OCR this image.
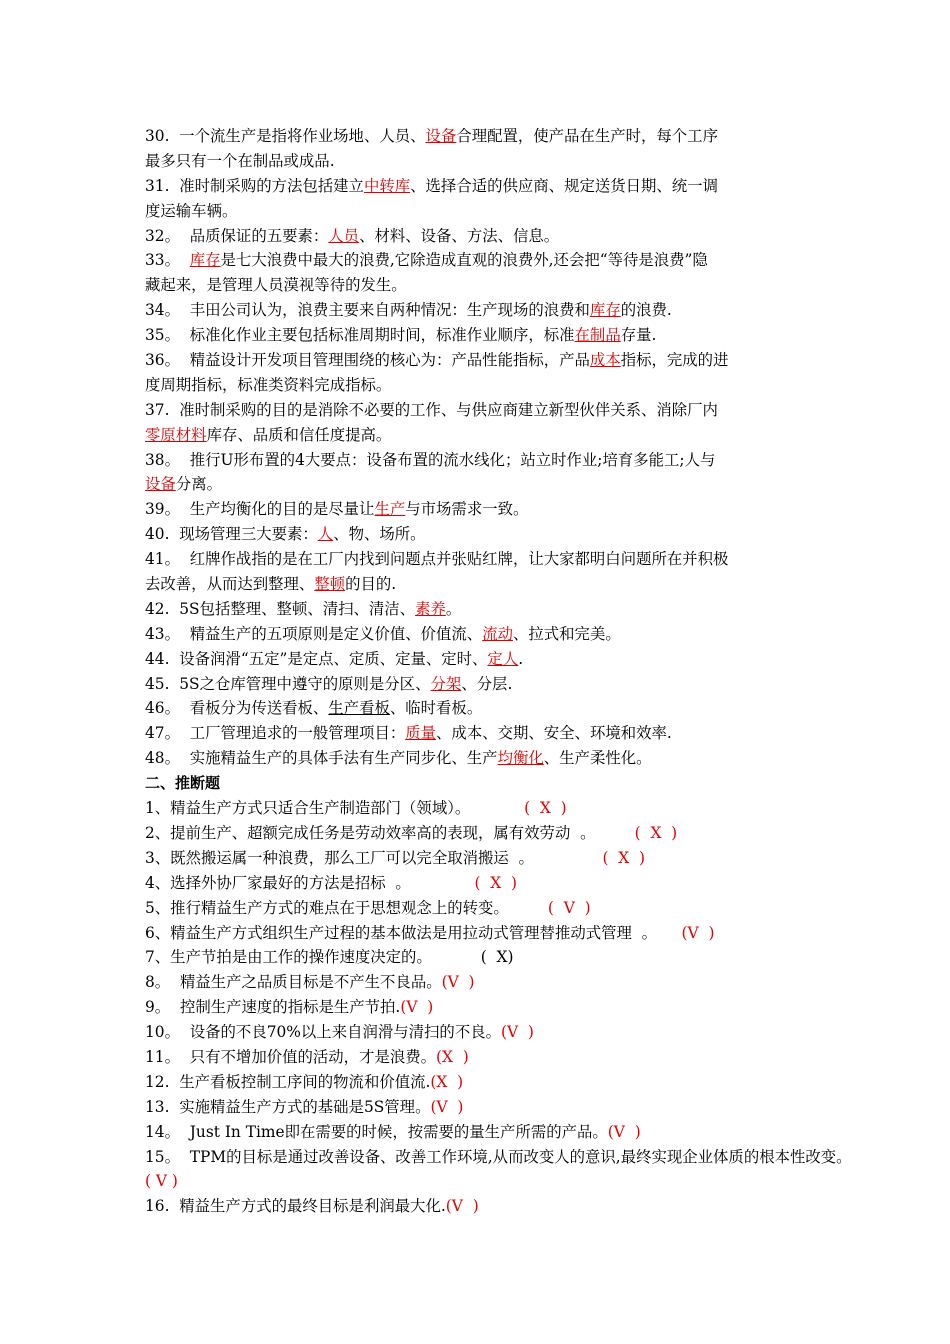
30.  一个流生产是指将作业场地、人员、设备合理配置，使产品在生产时，每个工序
最多只有一个在制品或成品.
31.  准时制采购的方法包括建立中转库、选择合适的供应商、规定送货日期、统一调
度运输车辆。
32。  品质保证的五要素：人员、材料、设备、方法、信息。
33。  库存是七大浪费中最大的浪费,它除造成直观的浪费外,还会把“等待是浪费”隐
藏起来，是管理人员漠视等待的发生。
34。  丰田公司认为，浪费主要来自两种情况：生产现场的浪费和库存的浪费.
35。  标准化作业主要包括标准周期时间，标准作业顺序，标准在制品存量.
36。  精益设计开发项目管理围绕的核心为：产品性能指标，产品成本指标，完成的进
度周期指标，标准类资料完成指标。
37.  准时制采购的目的是消除不必要的工作、与供应商建立新型伙伴关系、消除厂内
零原材料库存、品质和信任度提高。
38。  推行U形布置的4大要点：设备布置的流水线化；站立时作业;培育多能工;人与
设备分离。
39。  生产均衡化的目的是尽量让生产与市场需求一致。
40.  现场管理三大要素：人、物、场所。
41。  红牌作战指的是在工厂内找到问题点并张贴红牌，让大家都明白问题所在并积极
去改善，从而达到整理、整顿的目的.
42.  5S包括整理、整顿、清扫、清洁、素养。
43。  精益生产的五项原则是定义价值、价值流、流动、拉式和完美。
44.  设备润滑“五定”是定点、定质、定量、定时、定人.
45.  5S之仓库管理中遵守的原则是分区、分架、分层.
46。  看板分为传送看板、生产看板、临时看板。
47。  工厂管理追求的一般管理项目：质量、成本、交期、安全、环境和效率.
48。  实施精益生产的具体手法有生产同步化、生产均衡化、生产柔性化。
二、推断题
1、精益生产方式只适合生产制造部门（领域）。           (  X  )
2、提前生产、超额完成任务是劳动效率高的表现，属有效劳动  。        (  X  )
3、既然搬运属一种浪费，那么工厂可以完全取消搬运  。              (  X  )
4、选择外协厂家最好的方法是招标  。             (  X  )
5、推行精益生产方式的难点在于思想观念上的转变。        (  V  )
6、精益生产方式组织生产过程的基本做法是用拉动式管理替推动式管理  。     (V  )
7、生产节拍是由工作的操作速度决定的。          (  X)
8。  精益生产之品质目标是不产生不良品。(V  )
9。  控制生产速度的指标是生产节拍.(V  )
10。  设备的不良70%以上来自润滑与清扫的不良。(V  )
11。  只有不增加价值的活动，才是浪费。(X  )
12.  生产看板控制工序间的物流和价值流.(X  )
13.  实施精益生产方式的基础是5S管理。(V  )
14。  Just In Time即在需要的时候，按需要的量生产所需的产品。(V  )
15。  TPM的目标是通过改善设备、改善工作环境,从而改变人的意识,最终实现企业体质的根本性改变。
( V )
16.  精益生产方式的最终目标是利润最大化.(V  )
